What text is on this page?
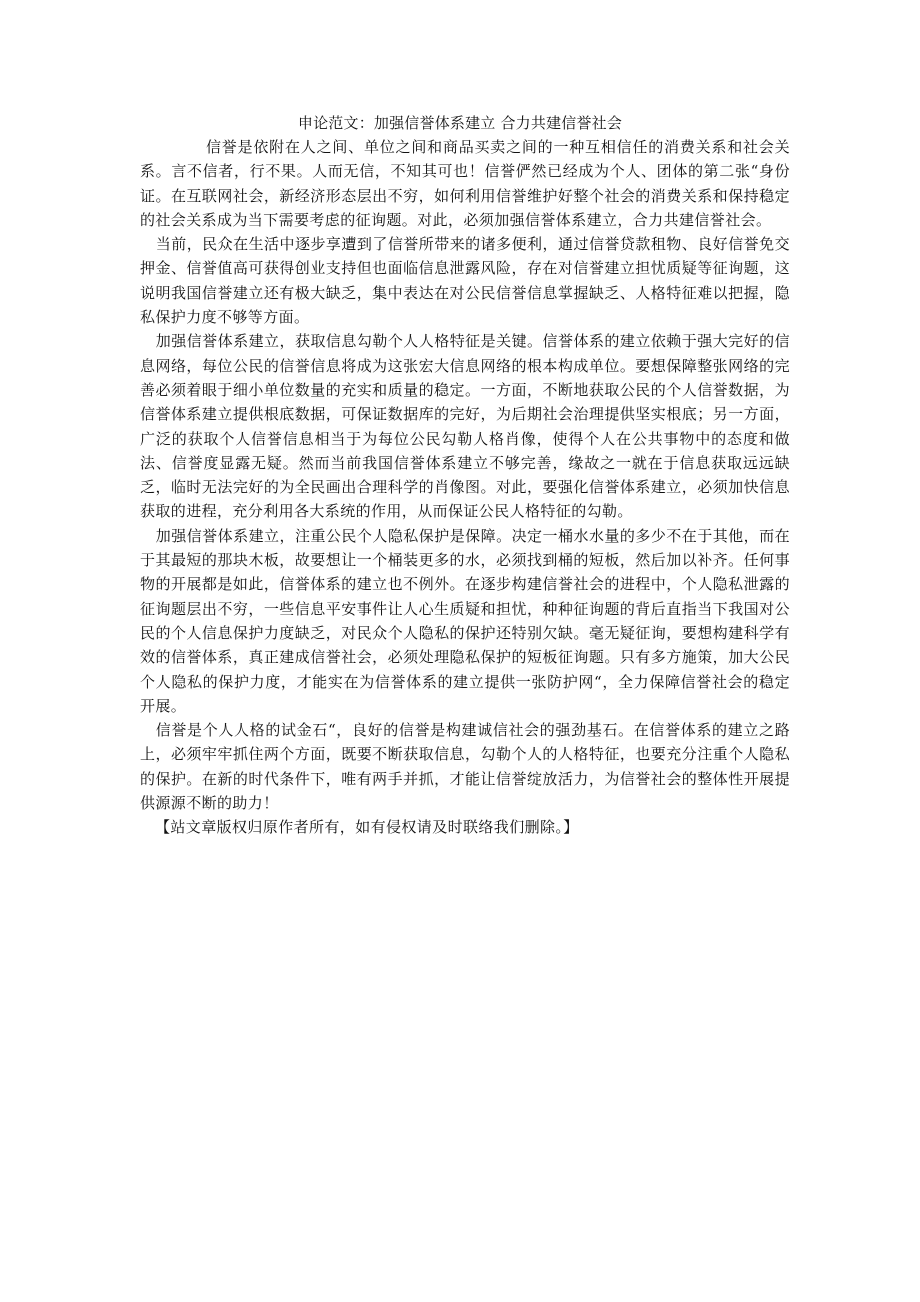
申论范文：加强信誉体系建立 合力共建信誉社会

信誉是依附在人之间、单位之间和商品买卖之间的一种互相信任的消费关系和社会关系。言不信者，行不果。人而无信，不知其可也！信誉俨然已经成为个人、团体的第二张“身份证。在互联网社会，新经济形态层出不穷，如何利用信誉维护好整个社会的消费关系和保持稳定的社会关系成为当下需要考虑的征询题。对此，必须加强信誉体系建立，合力共建信誉社会。

当前，民众在生活中逐步享遭到了信誉所带来的诸多便利，通过信誉贷款租物、良好信誉免交押金、信誉值高可获得创业支持但也面临信息泄露风险，存在对信誉建立担忧质疑等征询题，这说明我国信誉建立还有极大缺乏，集中表达在对公民信誉信息掌握缺乏、人格特征难以把握，隐私保护力度不够等方面。

加强信誉体系建立，获取信息勾勒个人人格特征是关键。信誉体系的建立依赖于强大完好的信息网络，每位公民的信誉信息将成为这张宏大信息网络的根本构成单位。要想保障整张网络的完善必须着眼于细小单位数量的充实和质量的稳定。一方面，不断地获取公民的个人信誉数据，为信誉体系建立提供根底数据，可保证数据库的完好，为后期社会治理提供坚实根底；另一方面，广泛的获取个人信誉信息相当于为每位公民勾勒人格肖像，使得个人在公共事物中的态度和做法、信誉度显露无疑。然而当前我国信誉体系建立不够完善，缘故之一就在于信息获取远远缺乏，临时无法完好的为全民画出合理科学的肖像图。对此，要强化信誉体系建立，必须加快信息获取的进程，充分利用各大系统的作用，从而保证公民人格特征的勾勒。

加强信誉体系建立，注重公民个人隐私保护是保障。决定一桶水水量的多少不在于其他，而在于其最短的那块木板，故要想让一个桶装更多的水，必须找到桶的短板，然后加以补齐。任何事物的开展都是如此，信誉体系的建立也不例外。在逐步构建信誉社会的进程中，个人隐私泄露的征询题层出不穷，一些信息平安事件让人心生质疑和担忧，种种征询题的背后直指当下我国对公民的个人信息保护力度缺乏，对民众个人隐私的保护还特别欠缺。毫无疑征询，要想构建科学有效的信誉体系，真正建成信誉社会，必须处理隐私保护的短板征询题。只有多方施策，加大公民个人隐私的保护力度，才能实在为信誉体系的建立提供一张防护网“，全力保障信誉社会的稳定开展。

信誉是个人人格的试金石“，良好的信誉是构建诚信社会的强劲基石。在信誉体系的建立之路上，必须牢牢抓住两个方面，既要不断获取信息，勾勒个人的人格特征，也要充分注重个人隐私的保护。在新的时代条件下，唯有两手并抓，才能让信誉绽放活力，为信誉社会的整体性开展提供源源不断的助力！

【站文章版权归原作者所有，如有侵权请及时联络我们删除。】
